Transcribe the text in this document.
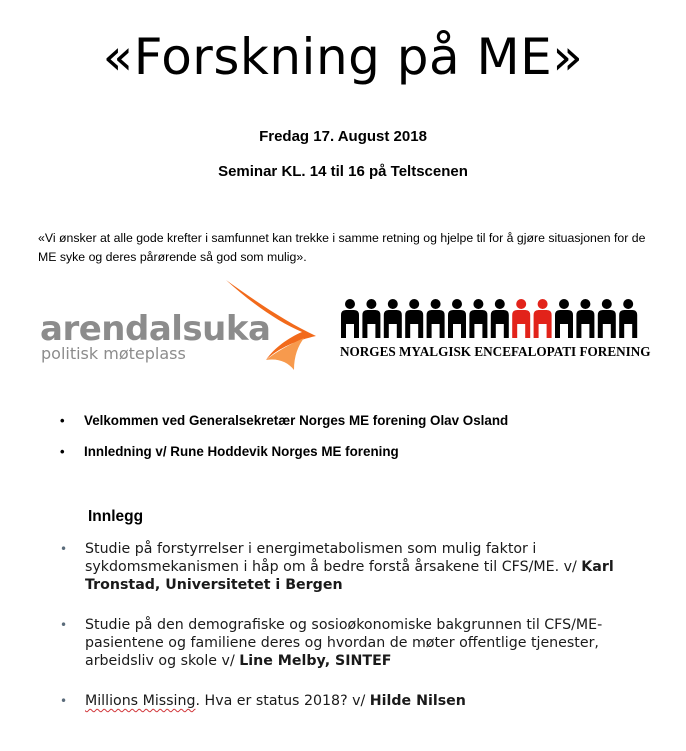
«Forskning på ME»
Fredag 17. August 2018
Seminar KL. 14 til 16 på Teltscenen
«Vi ønsker at alle gode krefter i samfunnet kan trekke i samme retning og hjelpe til for å gjøre situasjonen for de ME syke og deres pårørende så god som mulig».
arendalsuka
politisk møteplass	NORGES MYALGISK ENCEFALOPATI FORENING
• Velkommen ved Generalsekretær Norges ME forening Olav Osland
• Innledning v/ Rune Hoddevik Norges ME forening
Innlegg
• Studie på forstyrrelser i energimetabolismen som mulig faktor i sykdomsmekanismen i håp om å bedre forstå årsakene til CFS/ME. v/ Karl Tronstad, Universitetet i Bergen
• Studie på den demografiske og sosioøkonomiske bakgrunnen til CFS/ME-pasientene og familiene deres og hvordan de møter offentlige tjenester, arbeidsliv og skole v/ Line Melby, SINTEF
• Millions Missing. Hva er status 2018? v/ Hilde Nilsen
